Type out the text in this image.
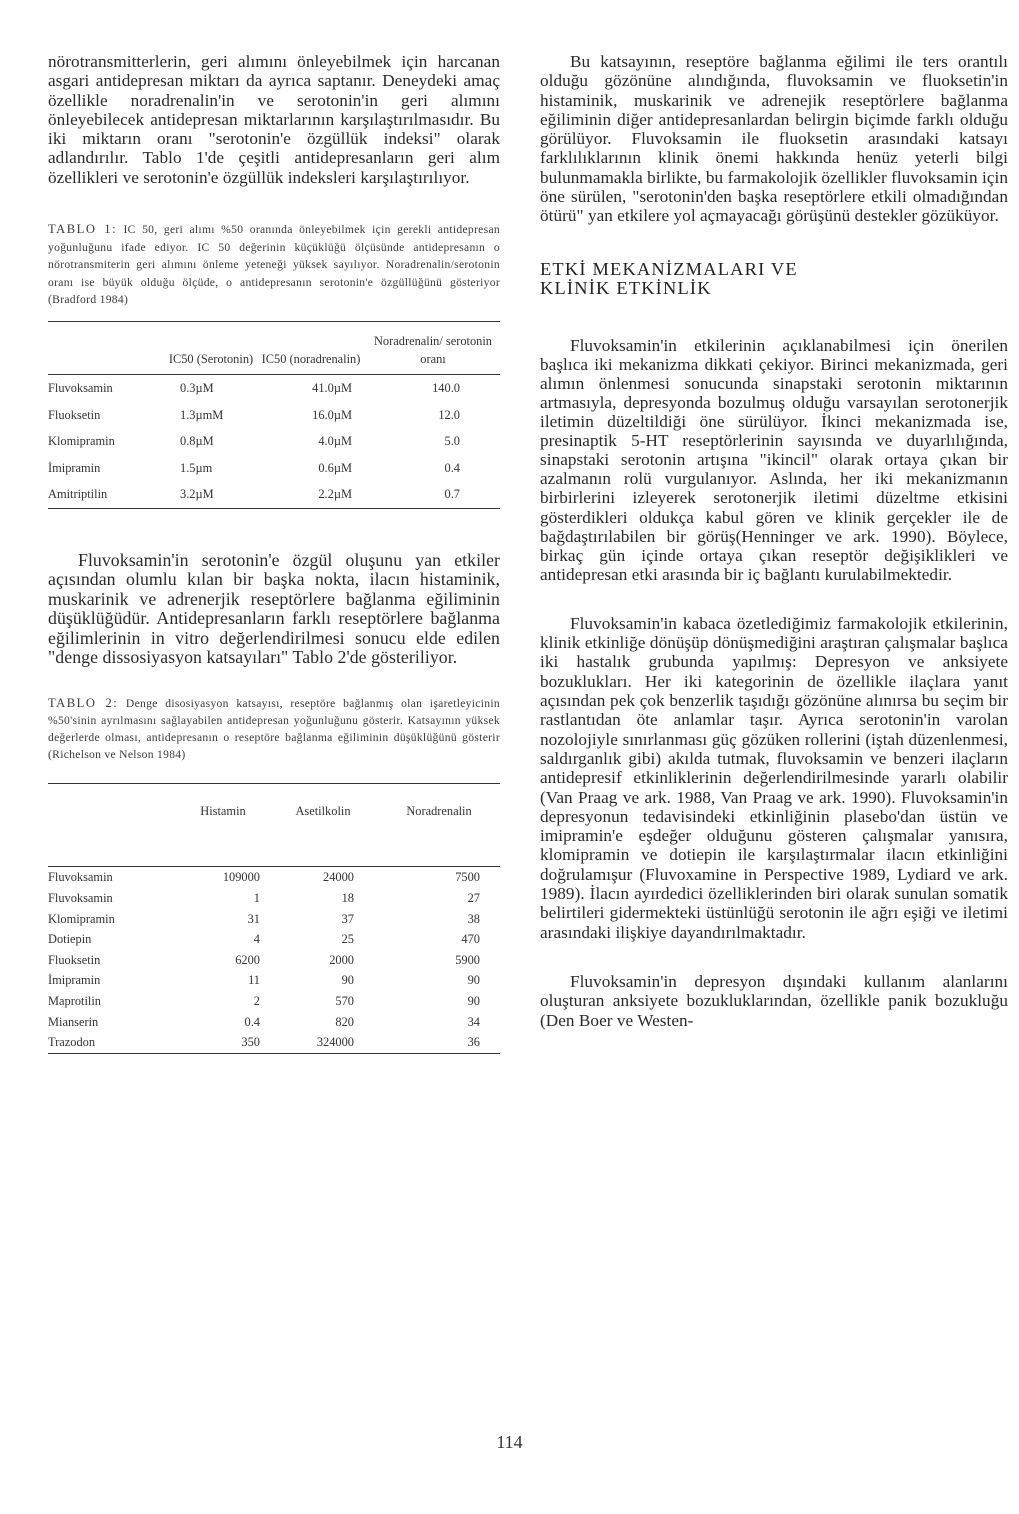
nörotransmitterlerin, geri alımını önleyebilmek için harcanan asgari antidepresan miktarı da ayrıca saptanır. Deneydeki amaç özellikle noradrenalin'in ve serotonin'in geri alımını önleyebilecek antidepresan miktarlarının karşılaştırılmasıdır. Bu iki miktarın oranı "serotonin'e özgüllük indeksi" olarak adlandırılır. Tablo 1'de çeşitli antidepresanların geri alım özellikleri ve serotonin'e özgüllük indeksleri karşılaştırılıyor.

TABLO 1: IC 50, geri alımı %50 oranında önleyebilmek için gerekli antidepresan yoğunluğunu ifade ediyor. IC 50 değerinin küçüklüğü ölçüsünde antidepresanın o nörotransmiterin geri alımını önleme yeteneği yüksek sayılıyor. Noradrenalin/serotonin oranı ise büyük olduğu ölçüde, o antidepresanın serotonin'e özgüllüğünü gösteriyor (Bradford 1984)
	IC50 (Serotonin)	IC50 (noradrenalin)	Noradrenalin/ serotonin oranı
Fluvoksamin	0.3µM	41.0µM	140.0
Fluoksetin	1.3µmM	16.0µM	12.0
Klomipramin	0.8µM	4.0µM	5.0
İmipramin	1.5µm	0.6µM	0.4
Amitriptilin	3.2µM	2.2µM	0.7

Fluvoksamin'in serotonin'e özgül oluşunu yan etkiler açısından olumlu kılan bir başka nokta, ilacın histaminik, muskarinik ve adrenerjik reseptörlere bağlanma eğiliminin düşüklüğüdür. Antidepresanların farklı reseptörlere bağlanma eğilimlerinin in vitro değerlendirilmesi sonucu elde edilen "denge dissosiyasyon katsayıları" Tablo 2'de gösteriliyor.

TABLO 2: Denge disosiyasyon katsayısı, reseptöre bağlanmış olan işaretleyicinin %50'sinin ayrılmasını sağlayabilen antidepresan yoğunluğunu gösterir. Katsayının yüksek değerlerde olması, antidepresanın o reseptöre bağlanma eğiliminin düşüklüğünü gösterir (Richelson ve Nelson 1984)
	Histamin	Asetilkolin	Noradrenalin
Fluvoksamin	109000	24000	7500
Fluvoksamin	1	18	27
Klomipramin	31	37	38
Dotiepin	4	25	470
Fluoksetin	6200	2000	5900
İmipramin	11	90	90
Maprotilin	2	570	90
Mianserin	0.4	820	34
Trazodon	350	324000	36

Bu katsayının, reseptöre bağlanma eğilimi ile ters orantılı olduğu gözönüne alındığında, fluvoksamin ve fluoksetin'in histaminik, muskarinik ve adrenejik reseptörlere bağlanma eğiliminin diğer antidepresanlardan belirgin biçimde farklı olduğu görülüyor. Fluvoksamin ile fluoksetin arasındaki katsayı farklılıklarının klinik önemi hakkında henüz yeterli bilgi bulunmamakla birlikte, bu farmakolojik özellikler fluvoksamin için öne sürülen, "serotonin'den başka reseptörlere etkili olmadığından ötürü" yan etkilere yol açmayacağı görüşünü destekler gözüküyor.

ETKİ MEKANİZMALARI VE
KLİNİK ETKİNLİK

Fluvoksamin'in etkilerinin açıklanabilmesi için önerilen başlıca iki mekanizma dikkati çekiyor. Birinci mekanizmada, geri alımın önlenmesi sonucunda sinapstaki serotonin miktarının artmasıyla, depresyonda bozulmuş olduğu varsayılan serotonerjik iletimin düzeltildiği öne sürülüyor. İkinci mekanizmada ise, presinaptik 5-HT reseptörlerinin sayısında ve duyarlılığında, sinapstaki serotonin artışına "ikincil" olarak ortaya çıkan bir azalmanın rolü vurgulanıyor. Aslında, her iki mekanizmanın birbirlerini izleyerek serotonerjik iletimi düzeltme etkisini gösterdikleri oldukça kabul gören ve klinik gerçekler ile de bağdaştırılabilen bir görüş(Henninger ve ark. 1990). Böylece, birkaç gün içinde ortaya çıkan reseptör değişiklikleri ve antidepresan etki arasında bir iç bağlantı kurulabilmektedir.

Fluvoksamin'in kabaca özetlediğimiz farmakolojik etkilerinin, klinik etkinliğe dönüşüp dönüşmediğini araştıran çalışmalar başlıca iki hastalık grubunda yapılmış: Depresyon ve anksiyete bozuklukları. Her iki kategorinin de özellikle ilaçlara yanıt açısından pek çok benzerlik taşıdığı gözönüne alınırsa bu seçim bir rastlantıdan öte anlamlar taşır. Ayrıca serotonin'in varolan nozolojiyle sınırlanması güç gözüken rollerini (iştah düzenlenmesi, saldırganlık gibi) akılda tutmak, fluvoksamin ve benzeri ilaçların antidepresif etkinliklerinin değerlendirilmesinde yararlı olabilir (Van Praag ve ark. 1988, Van Praag ve ark. 1990). Fluvoksamin'in depresyonun tedavisindeki etkinliğinin plasebo'dan üstün ve imipramin'e eşdeğer olduğunu gösteren çalışmalar yanısıra, klomipramin ve dotiepin ile karşılaştırmalar ilacın etkinliğini doğrulamışur (Fluvoxamine in Perspective 1989, Lydiard ve ark. 1989). İlacın ayırdedici özelliklerinden biri olarak sunulan somatik belirtileri gidermekteki üstünlüğü serotonin ile ağrı eşiği ve iletimi arasındaki ilişkiye dayandırılmaktadır.

Fluvoksamin'in depresyon dışındaki kullanım alanlarını oluşturan anksiyete bozukluklarından, özellikle panik bozukluğu (Den Boer ve Westen-

114
